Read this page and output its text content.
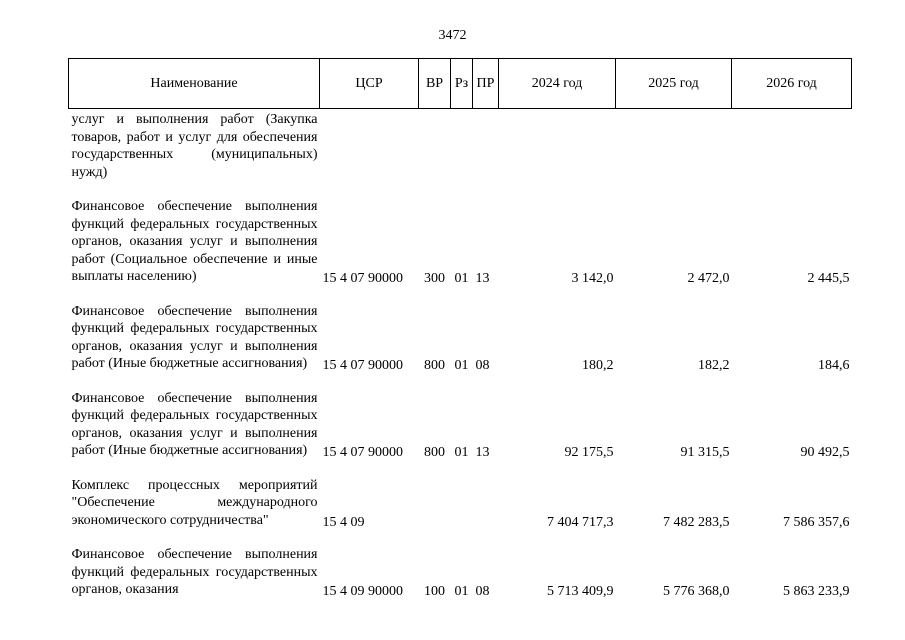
3472
Наименование	ЦСР	ВР	Рз	ПР	2024 год	2025 год	2026 год
услуг и выполнения работ (Закупка товаров, работ и услуг для обеспечения государственных (муниципальных) нужд)							

Финансовое обеспечение выполнения функций федеральных государственных органов, оказания услуг и выполнения работ (Социальное обеспечение и иные выплаты населению)	15 4 07 90000	300	01	13	3 142,0	2 472,0	2 445,5

Финансовое обеспечение выполнения функций федеральных государственных органов, оказания услуг и выполнения работ (Иные бюджетные ассигнования)	15 4 07 90000	800	01	08	180,2	182,2	184,6

Финансовое обеспечение выполнения функций федеральных государственных органов, оказания услуг и выполнения работ (Иные бюджетные ассигнования)	15 4 07 90000	800	01	13	92 175,5	91 315,5	90 492,5

Комплекс процессных мероприятий "Обеспечение международного экономического сотрудничества"	15 4 09				7 404 717,3	7 482 283,5	7 586 357,6

Финансовое обеспечение выполнения функций федеральных государственных органов, оказания	15 4 09 90000	100	01	08	5 713 409,9	5 776 368,0	5 863 233,9
